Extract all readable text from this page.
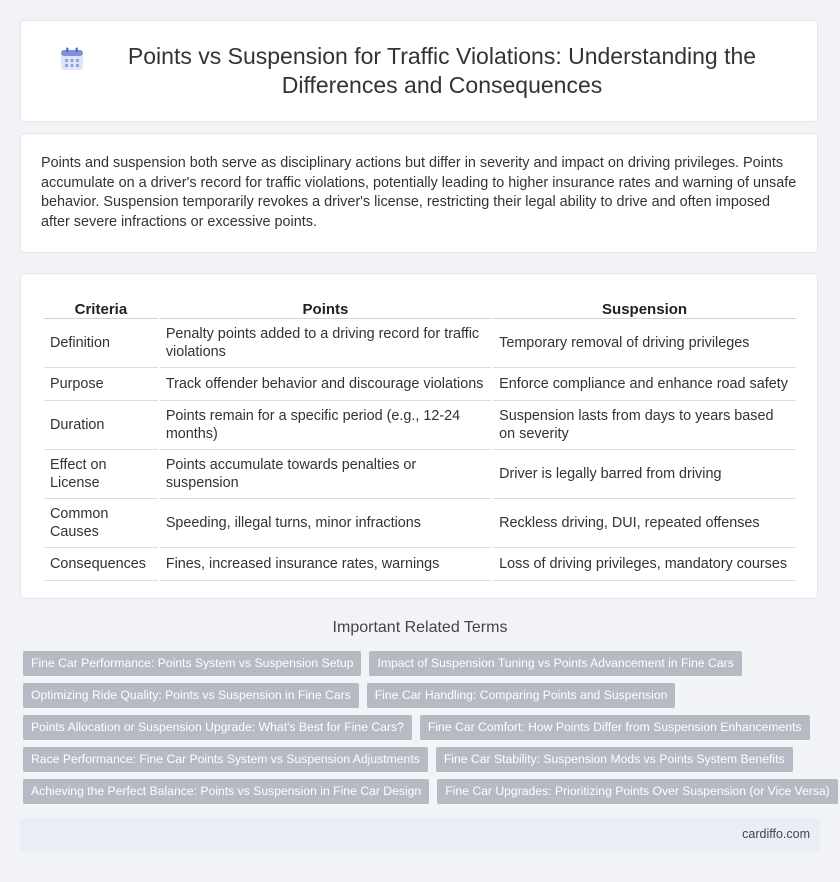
Points vs Suspension for Traffic Violations: Understanding the Differences and Consequences

Points and suspension both serve as disciplinary actions but differ in severity and impact on driving privileges. Points accumulate on a driver's record for traffic violations, potentially leading to higher insurance rates and warning of unsafe behavior. Suspension temporarily revokes a driver's license, restricting their legal ability to drive and often imposed after severe infractions or excessive points.

Criteria	Points	Suspension
Definition	Penalty points added to a driving record for traffic violations	Temporary removal of driving privileges
Purpose	Track offender behavior and discourage violations	Enforce compliance and enhance road safety
Duration	Points remain for a specific period (e.g., 12-24 months)	Suspension lasts from days to years based on severity
Effect on License	Points accumulate towards penalties or suspension	Driver is legally barred from driving
Common Causes	Speeding, illegal turns, minor infractions	Reckless driving, DUI, repeated offenses
Consequences	Fines, increased insurance rates, warnings	Loss of driving privileges, mandatory courses
Important Related Terms
Fine Car Performance: Points System vs Suspension Setup	Impact of Suspension Tuning vs Points Advancement in Fine Cars
Optimizing Ride Quality: Points vs Suspension in Fine Cars	Fine Car Handling: Comparing Points and Suspension
Points Allocation or Suspension Upgrade: What's Best for Fine Cars?	Fine Car Comfort: How Points Differ from Suspension Enhancements
Race Performance: Fine Car Points System vs Suspension Adjustments	Fine Car Stability: Suspension Mods vs Points System Benefits
Achieving the Perfect Balance: Points vs Suspension in Fine Car Design	Fine Car Upgrades: Prioritizing Points Over Suspension (or Vice Versa)
cardiffo.com
